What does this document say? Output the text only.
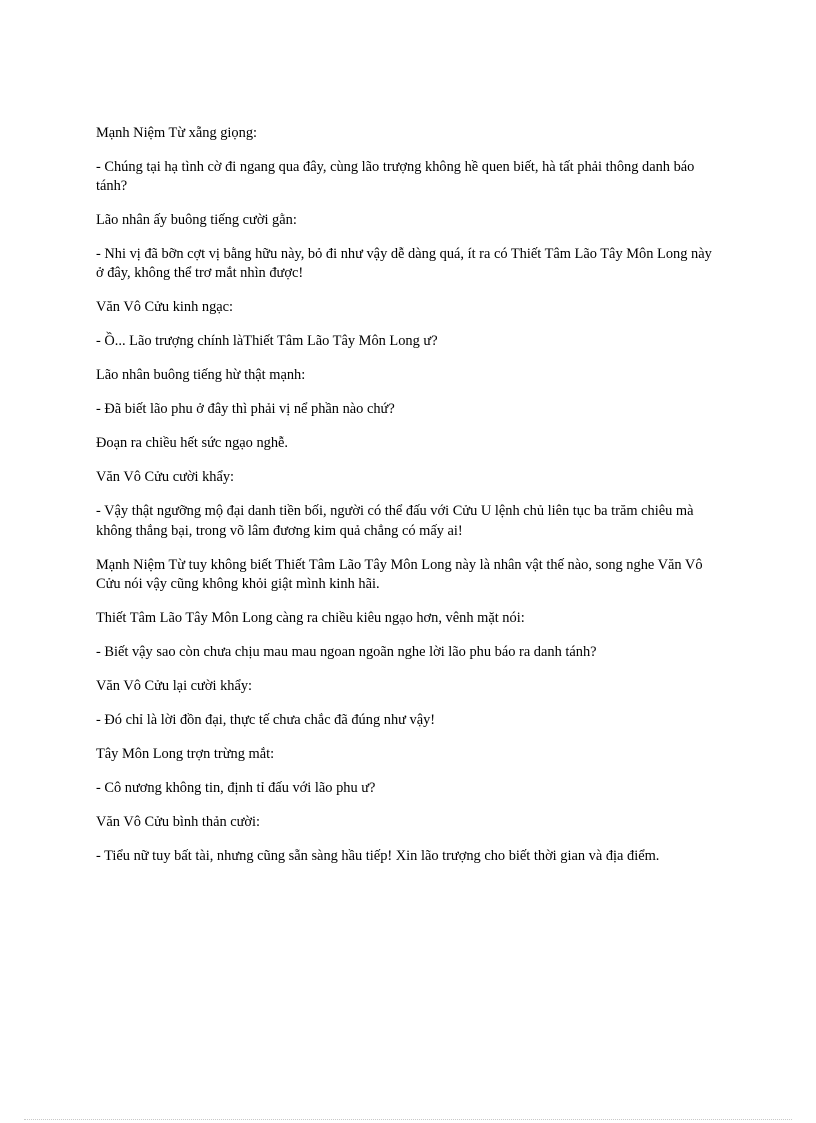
Mạnh Niệm Từ xẵng giọng:

- Chúng tại hạ tình cờ đi ngang qua đây, cùng lão trượng không hề quen biết, hà tất phải thông danh báo tánh?

Lão nhân ấy buông tiếng cười gằn:

- Nhi vị đã bỡn cợt vị bằng hữu này, bỏ đi như vậy dễ dàng quá, ít ra có Thiết Tâm Lão Tây Môn Long này ở đây, không thể trơ mắt nhìn được!

Văn Vô Cửu kinh ngạc:

- Ồ... Lão trượng chính làThiết Tâm Lão Tây Môn Long ư?

Lão nhân buông tiếng hừ thật mạnh:

- Đã biết lão phu ở đây thì phải vị nể phần nào chứ?

Đoạn ra chiều hết sức ngạo nghễ.

Văn Vô Cửu cười khẩy:

- Vậy thật ngưỡng mộ đại danh tiền bối, người có thể đấu với Cửu U lệnh chủ liên tục ba trăm chiêu mà không thắng bại, trong võ lâm đương kim quả chẳng có mấy ai!

Mạnh Niệm Từ tuy không biết Thiết Tâm Lão Tây Môn Long này là nhân vật thế nào, song nghe Văn Vô Cửu nói vậy cũng không khỏi giật mình kinh hãi.

Thiết Tâm Lão Tây Môn Long càng ra chiều kiêu ngạo hơn, vênh mặt nói:

- Biết vậy sao còn chưa chịu mau mau ngoan ngoãn nghe lời lão phu báo ra danh tánh?

Văn Vô Cửu lại cười khẩy:

- Đó chỉ là lời đồn đại, thực tế chưa chắc đã đúng như vậy!

Tây Môn Long trợn trừng mắt:

- Cô nương không tin, định tỉ đấu với lão phu ư?

Văn Vô Cửu bình thản cười:

- Tiểu nữ tuy bất tài, nhưng cũng sẵn sàng hầu tiếp! Xin lão trượng cho biết thời gian và địa điểm.
